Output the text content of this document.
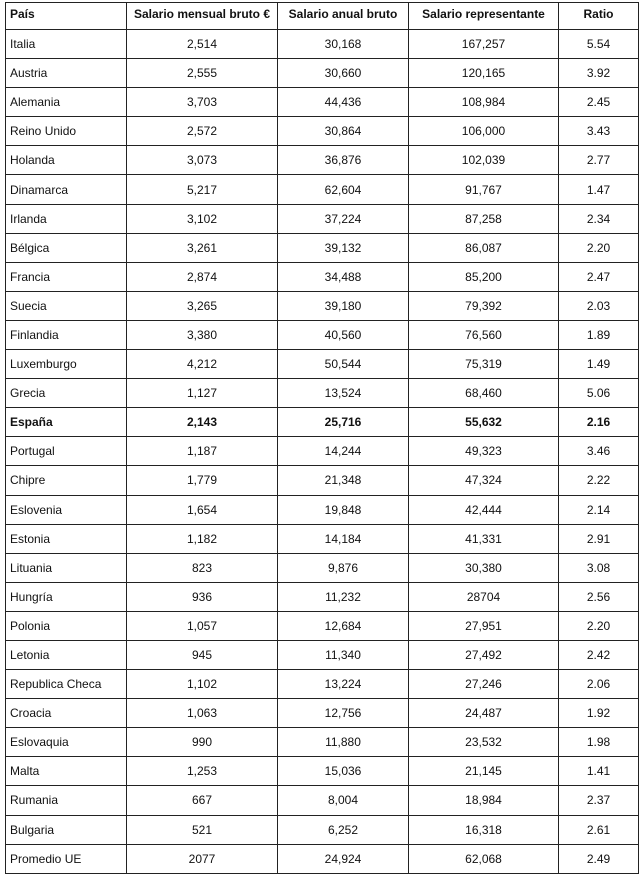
País	Salario mensual bruto €	Salario anual bruto	Salario representante	Ratio
Italia	2,514	30,168	167,257	5.54
Austria	2,555	30,660	120,165	3.92
Alemania	3,703	44,436	108,984	2.45
Reino Unido	2,572	30,864	106,000	3.43
Holanda	3,073	36,876	102,039	2.77
Dinamarca	5,217	62,604	91,767	1.47
Irlanda	3,102	37,224	87,258	2.34
Bélgica	3,261	39,132	86,087	2.20
Francia	2,874	34,488	85,200	2.47
Suecia	3,265	39,180	79,392	2.03
Finlandia	3,380	40,560	76,560	1.89
Luxemburgo	4,212	50,544	75,319	1.49
Grecia	1,127	13,524	68,460	5.06
España	2,143	25,716	55,632	2.16
Portugal	1,187	14,244	49,323	3.46
Chipre	1,779	21,348	47,324	2.22
Eslovenia	1,654	19,848	42,444	2.14
Estonia	1,182	14,184	41,331	2.91
Lituania	823	9,876	30,380	3.08
Hungría	936	11,232	28704	2.56
Polonia	1,057	12,684	27,951	2.20
Letonia	945	11,340	27,492	2.42
Republica Checa	1,102	13,224	27,246	2.06
Croacia	1,063	12,756	24,487	1.92
Eslovaquia	990	11,880	23,532	1.98
Malta	1,253	15,036	21,145	1.41
Rumania	667	8,004	18,984	2.37
Bulgaria	521	6,252	16,318	2.61
Promedio UE	2077	24,924	62,068	2.49
